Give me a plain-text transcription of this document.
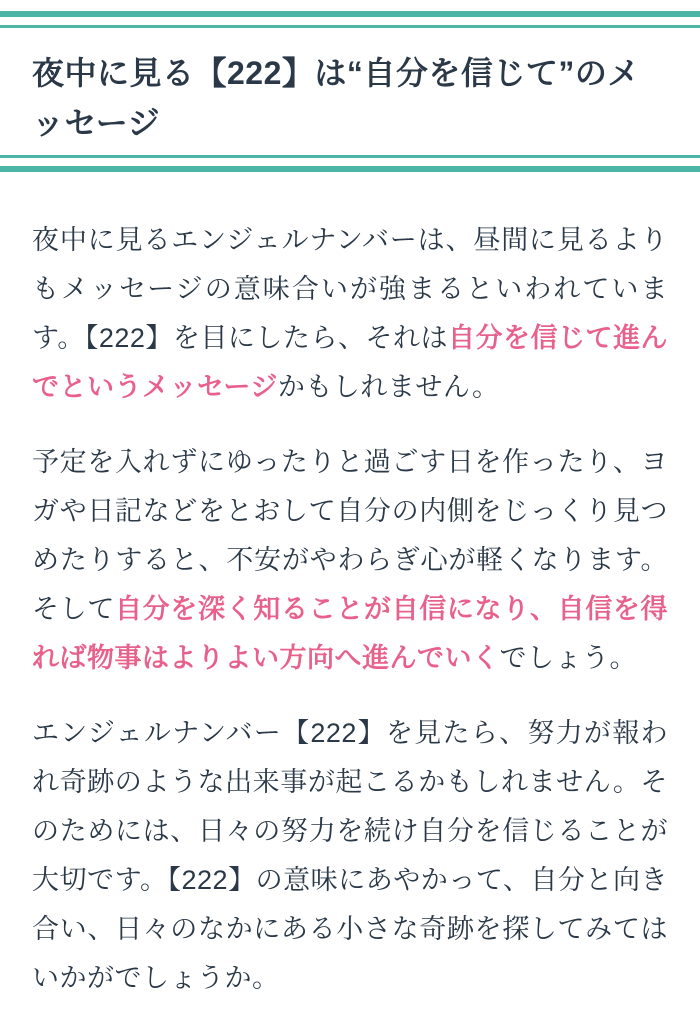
夜中に見る【222】は“自分を信じて”のメッセージ

夜中に見るエンジェルナンバーは、昼間に見るよりもメッセージの意味合いが強まるといわれています。【222】を目にしたら、それは自分を信じて進んでというメッセージかもしれません。

予定を入れずにゆったりと過ごす日を作ったり、ヨガや日記などをとおして自分の内側をじっくり見つめたりすると、不安がやわらぎ心が軽くなります。そして自分を深く知ることが自信になり、自信を得れば物事はよりよい方向へ進んでいくでしょう。

エンジェルナンバー【222】を見たら、努力が報われ奇跡のような出来事が起こるかもしれません。そのためには、日々の努力を続け自分を信じることが大切です。【222】の意味にあやかって、自分と向き合い、日々のなかにある小さな奇跡を探してみてはいかがでしょうか。
